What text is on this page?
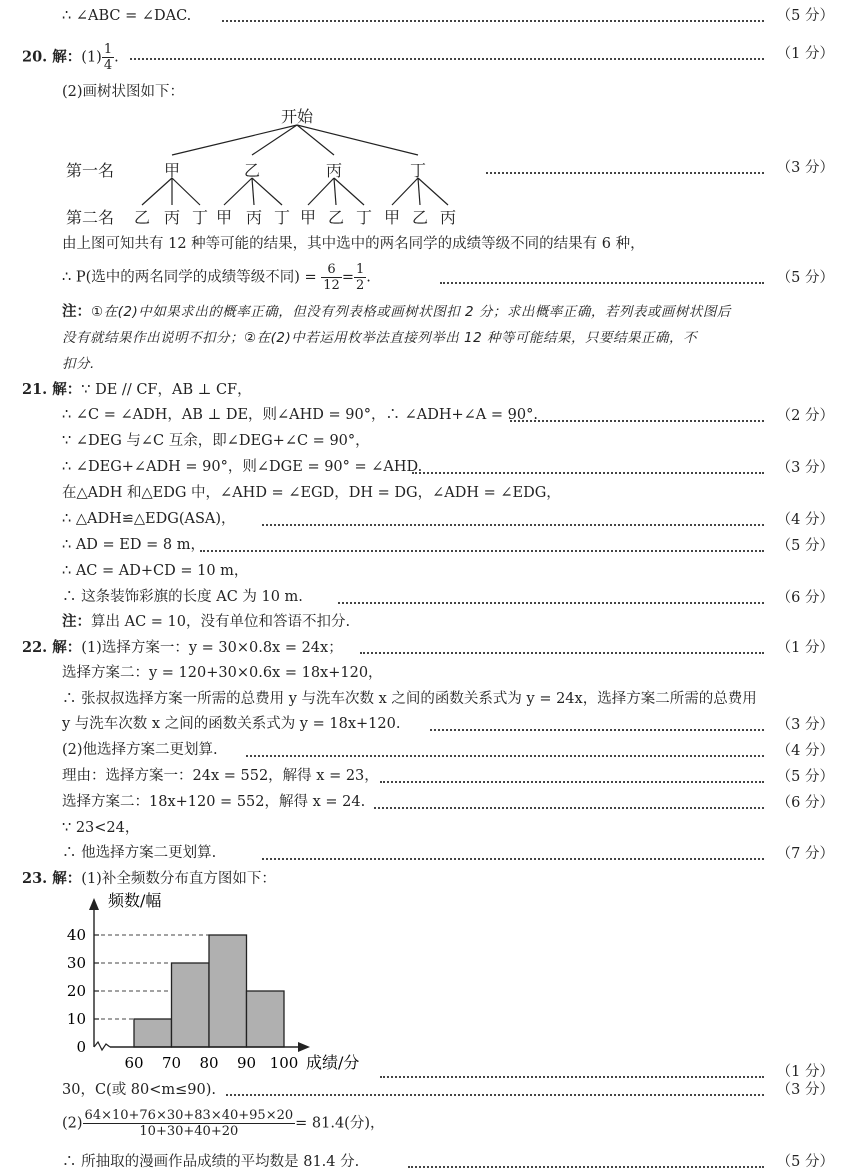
∴ ∠ABC = ∠DAC.	（5 分）
20. 解：$(1) \frac{1}{4}$ .	（1 分）
(2)画树状图如下：
开始
第一名	甲	乙	丙	丁	（3 分）
第二名 乙 丙 丁 甲 丙 丁 甲 乙 丁 甲 乙 丙
由上图可知共有 12 种等可能的结果，其中选中的两名同学的成绩等级不同的结果有 6 种，
∴ P(选中的两名同学的成绩等级不同) = $\frac{6}{12} = \frac{1}{2}$ .	（5 分）
注：①在(2)中如果求出的概率正确，但没有列表格或画树状图扣 2 分；求出概率正确，若列表或画树状图后
没有就结果作出说明不扣分；②在(2)中若运用枚举法直接列举出 12 种等可能结果，只要结果正确，不
扣分.
21. 解：∵ DE // CF，AB ⊥ CF，
∴ ∠C = ∠ADH，AB ⊥ DE，则∠AHD = 90°，∴ ∠ADH+∠A = 90°.	（2 分）
∵ ∠DEG 与∠C 互余，即∠DEG+∠C = 90°，
∴ ∠DEG+∠ADH = 90°，则∠DGE = 90° = ∠AHD.	（3 分）
在△ADH 和△EDG 中，∠AHD = ∠EGD，DH = DG，∠ADH = ∠EDG，
∴ △ADH≌△EDG(ASA)，	（4 分）
∴ AD = ED = 8 m，	（5 分）
∴ AC = AD+CD = 10 m，
∴ 这条装饰彩旗的长度 AC 为 10 m.	（6 分）
注：算出 AC = 10，没有单位和答语不扣分.
22. 解：(1)选择方案一：y = 30×0.8x = 24x；	（1 分）
选择方案二：y = 120+30×0.6x = 18x+120，
∴ 张叔叔选择方案一所需的总费用 y 与洗车次数 x 之间的函数关系式为 y = 24x，选择方案二所需的总费用
y 与洗车次数 x 之间的函数关系式为 y = 18x+120.	（3 分）
(2)他选择方案二更划算.	（4 分）
理由：选择方案一：24x = 552，解得 x = 23，	（5 分）
选择方案二：18x+120 = 552，解得 x = 24.	（6 分）
∵ 23<24，
∴ 他选择方案二更划算.	（7 分）
23. 解：(1)补全频数分布直方图如下：
0
10
20
30
40
60 70 80 90 100
频数/幅
成绩/分	（1 分）
30，C(或 80<m≤90).	（3 分）
$(2) \frac{64\times 10+76\times 30+83\times 40+95\times 20}{10+30+40+20} = 81.4$(分)，
∴ 所抽取的漫画作品成绩的平均数是 81.4 分.	（5 分）
